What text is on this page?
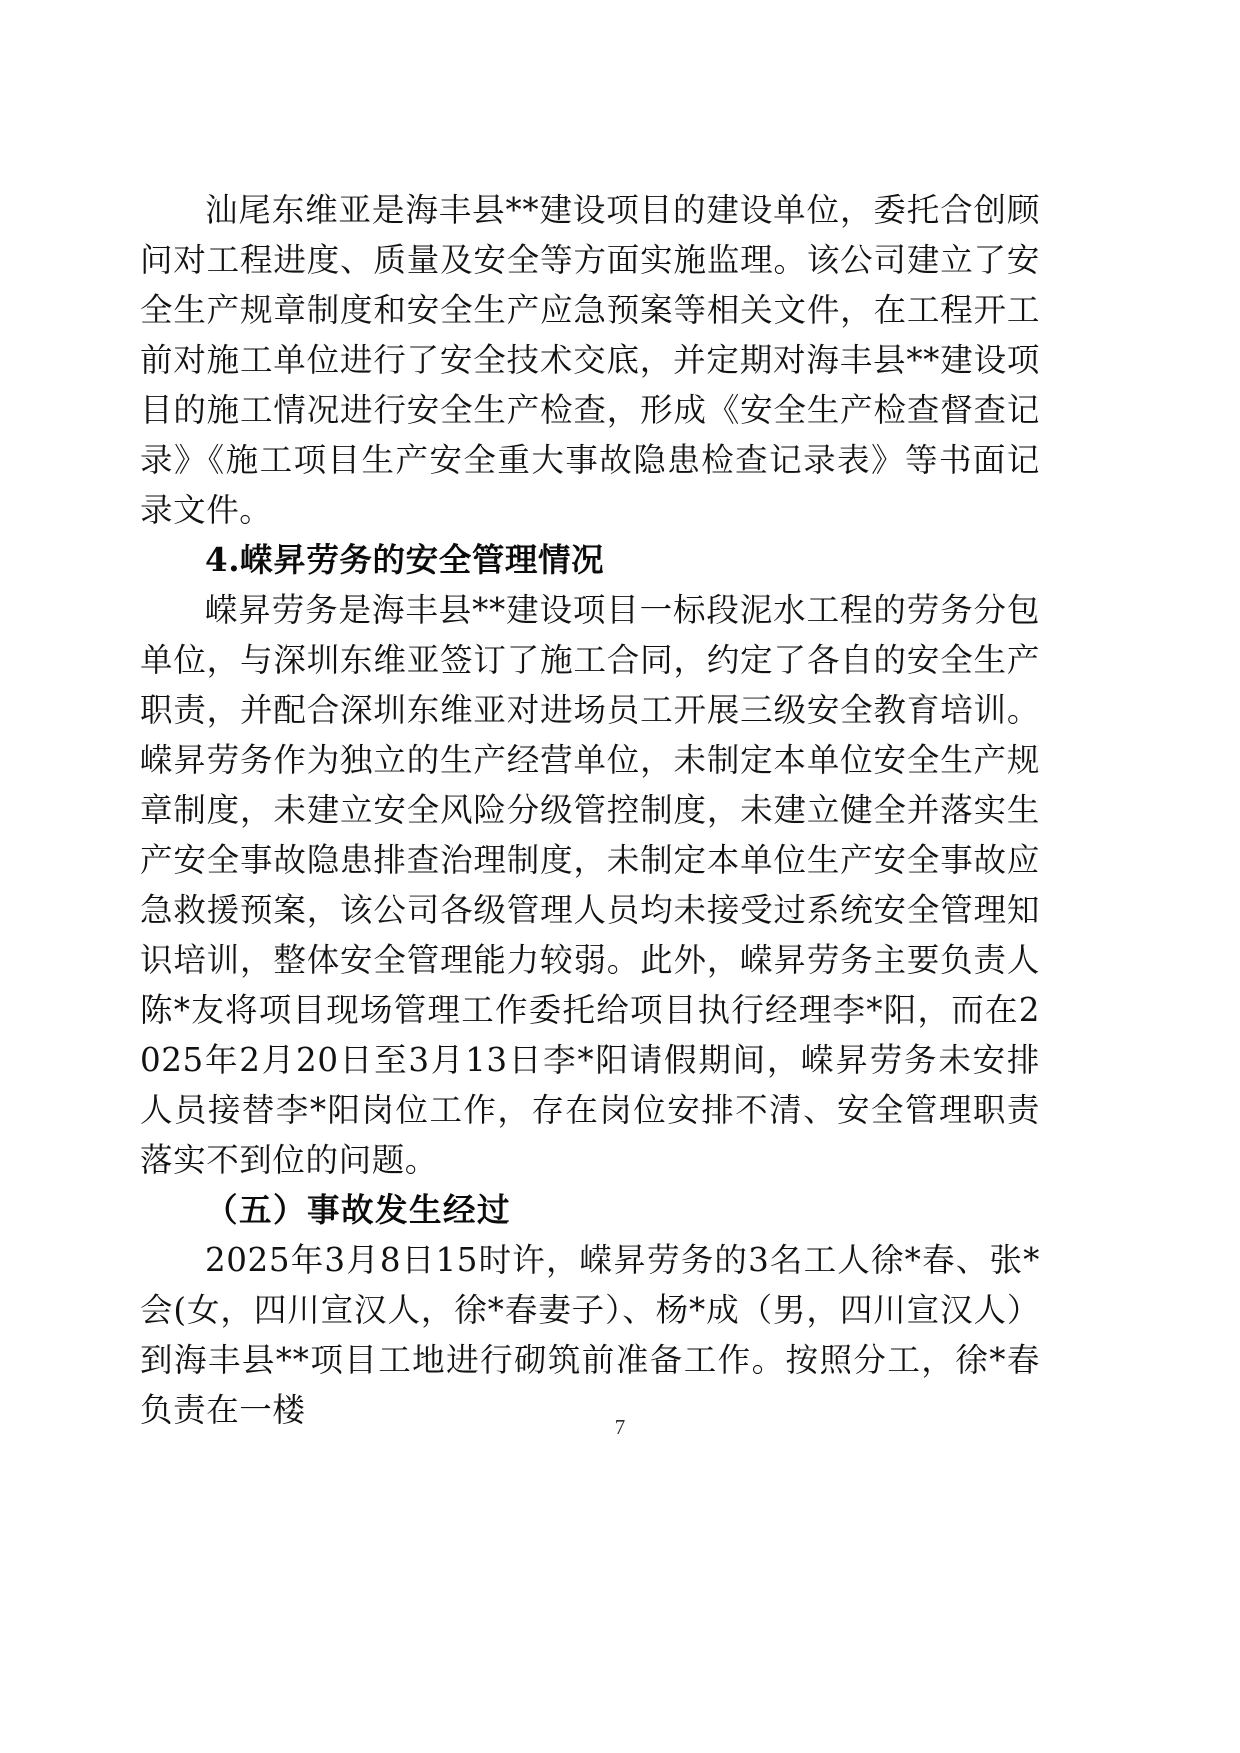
汕尾东维亚是海丰县**建设项目的建设单位，委托合创顾问对工程进度、质量及安全等方面实施监理。该公司建立了安全生产规章制度和安全生产应急预案等相关文件，在工程开工前对施工单位进行了安全技术交底，并定期对海丰县**建设项目的施工情况进行安全生产检查，形成《安全生产检查督查记录》《施工项目生产安全重大事故隐患检查记录表》等书面记录文件。

4.嵘昇劳务的安全管理情况

嵘昇劳务是海丰县**建设项目一标段泥水工程的劳务分包单位，与深圳东维亚签订了施工合同，约定了各自的安全生产职责，并配合深圳东维亚对进场员工开展三级安全教育培训。嵘昇劳务作为独立的生产经营单位，未制定本单位安全生产规章制度，未建立安全风险分级管控制度，未建立健全并落实生产安全事故隐患排查治理制度，未制定本单位生产安全事故应急救援预案，该公司各级管理人员均未接受过系统安全管理知识培训，整体安全管理能力较弱。此外，嵘昇劳务主要负责人陈*友将项目现场管理工作委托给项目执行经理李*阳，而在2025年2月20日至3月13日李*阳请假期间，嵘昇劳务未安排人员接替李*阳岗位工作，存在岗位安排不清、安全管理职责落实不到位的问题。

（五）事故发生经过

2025年3月8日15时许，嵘昇劳务的3名工人徐*春、张*会(女，四川宣汉人，徐*春妻子）、杨*成（男，四川宣汉人）到海丰县**项目工地进行砌筑前准备工作。按照分工，徐*春负责在一楼	7
